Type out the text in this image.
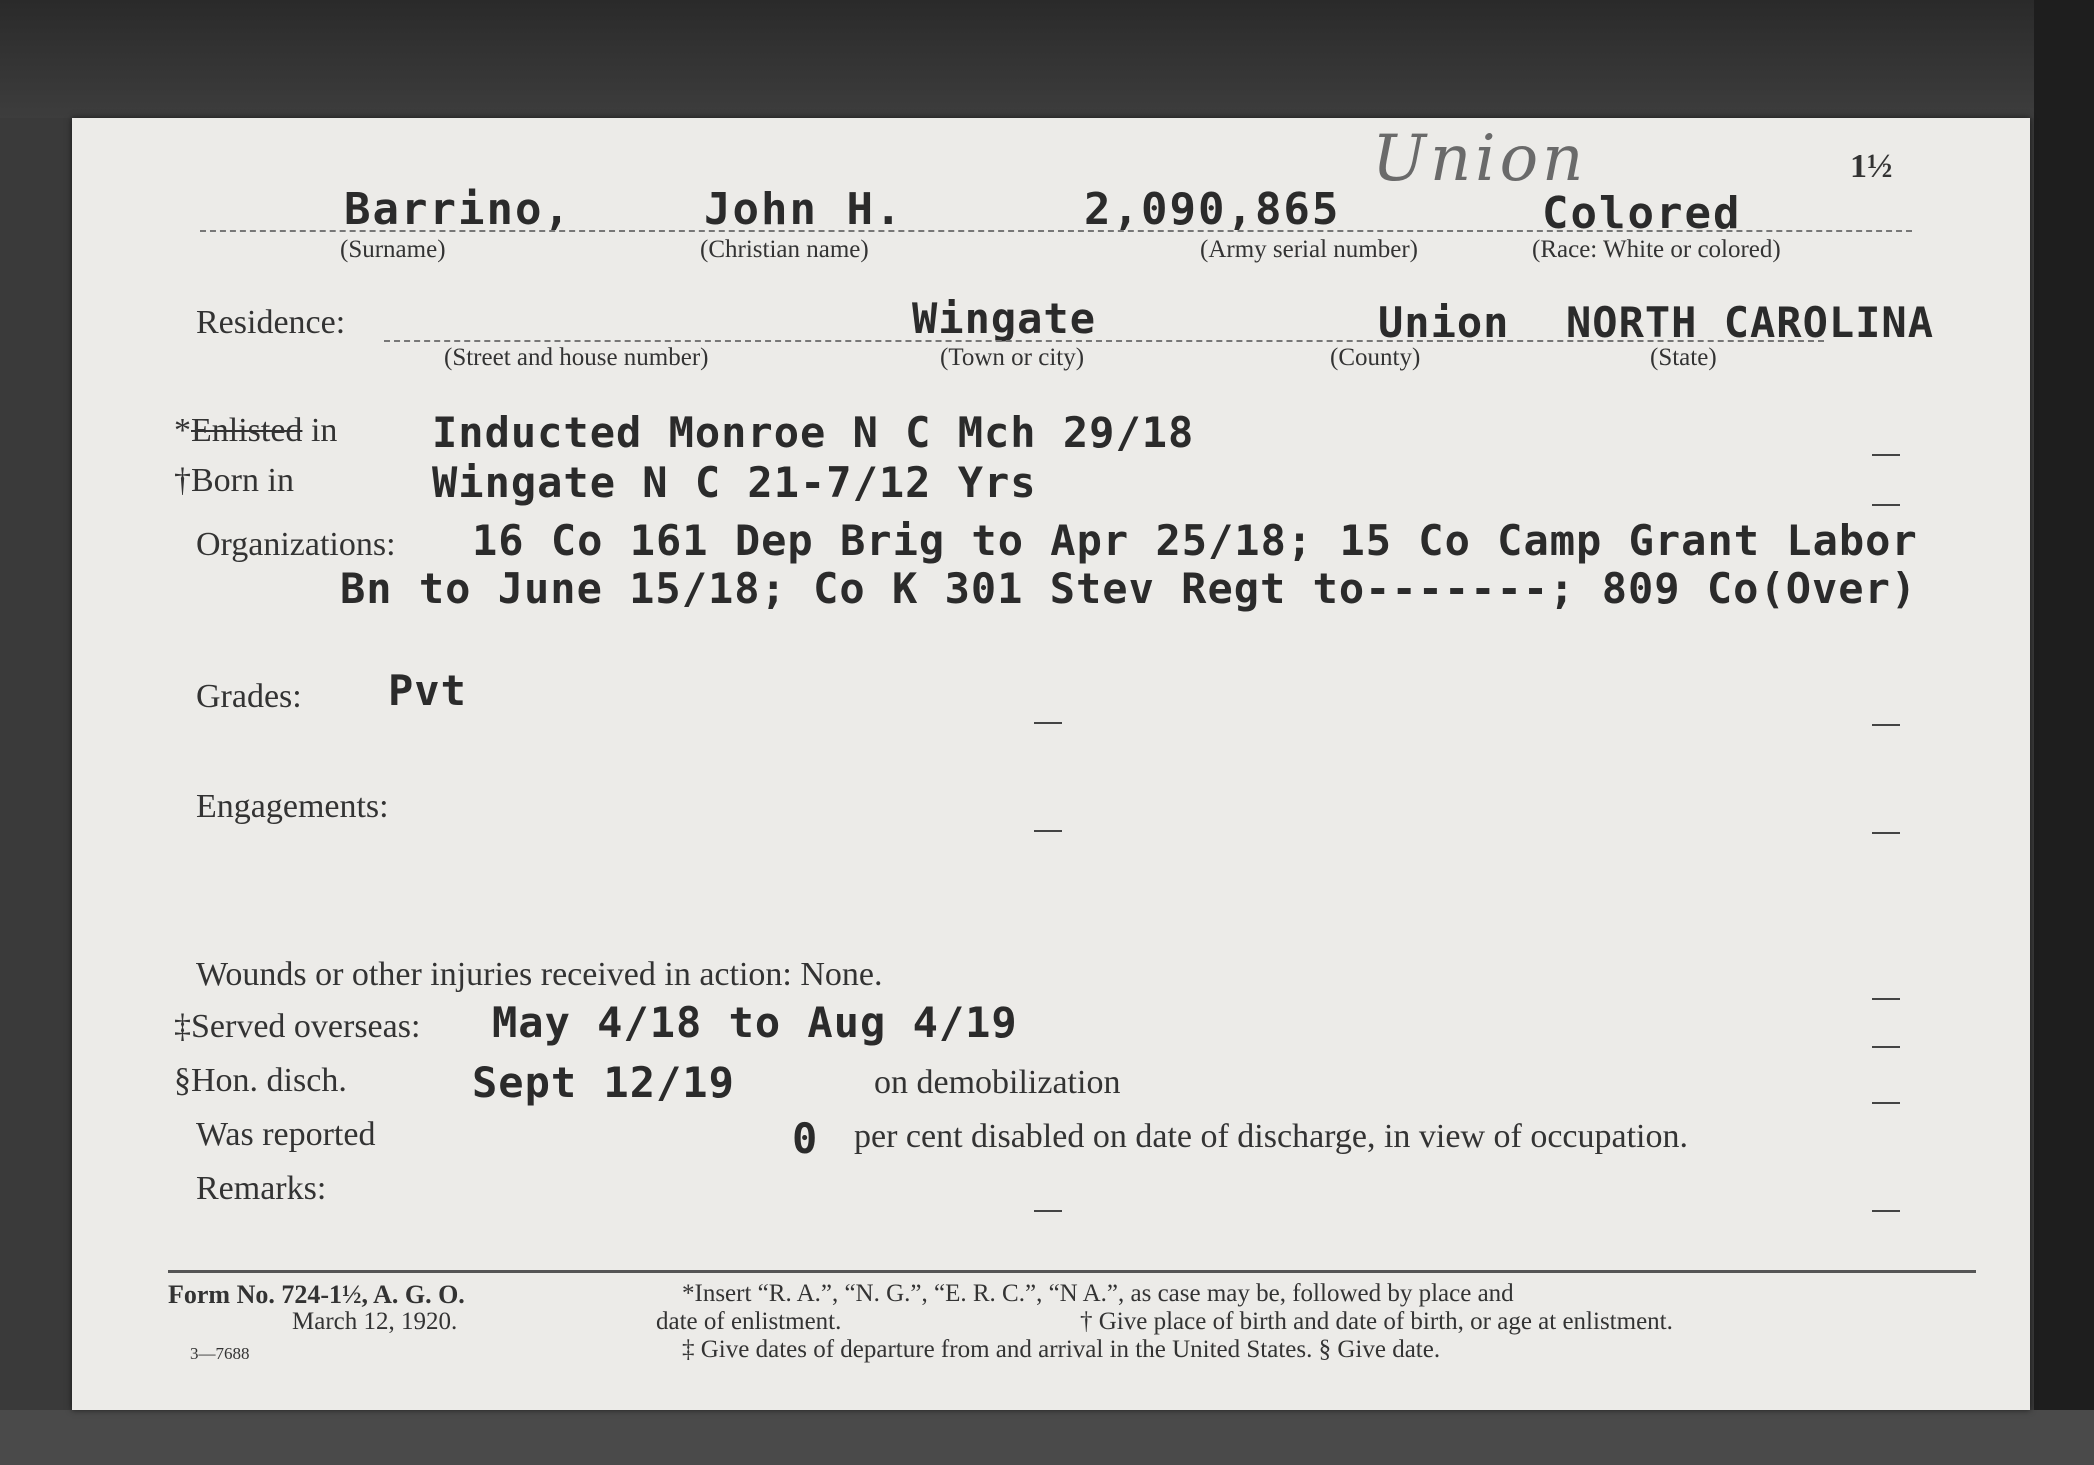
Union	1½
Barrino,	John H.	2,090,865	Colored
(Surname)	(Christian name)	(Army serial number)	(Race: White or colored)
Residence:	Wingate	Union NORTH CAROLINA
(Street and house number)	(Town or city)	(County)	(State)
*Enlisted in Inducted Monroe N C Mch 29/18
†Born in	Wingate N C 21-7/12 Yrs
Organizations: 16 Co 161 Dep Brig to Apr 25/18; 15 Co Camp Grant Labor
Bn to June 15/18; Co K 301 Stev Regt to-------; 809 Co(Over)
Grades: Pvt
Engagements:
Wounds or other injuries received in action: None.
‡Served overseas: May 4/18 to Aug 4/19
§Hon. disch.	Sept 12/19	on demobilization
Was reported	0 per cent disabled on date of discharge, in view of occupation.
Remarks:
Form No. 724-1½, A. G. O.
March 12, 1920.
3—7688
*Insert “R. A.”, “N. G.”, “E. R. C.”, “N A.”, as case may be, followed by place and
date of enlistment.	† Give place of birth and date of birth, or age at enlistment.
‡ Give dates of departure from and arrival in the United States. § Give date.
